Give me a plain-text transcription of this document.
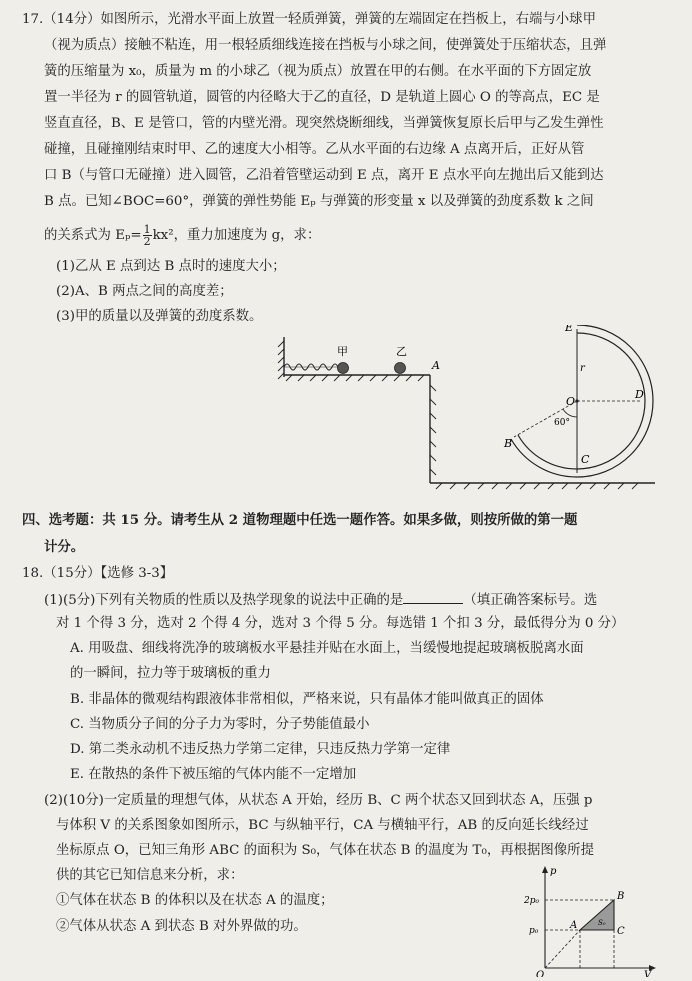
17.（14分）如图所示，光滑水平面上放置一轻质弹簧，弹簧的左端固定在挡板上，右端与小球甲
（视为质点）接触不粘连，用一根轻质细线连接在挡板与小球之间，使弹簧处于压缩状态，且弹
簧的压缩量为 x₀，质量为 m 的小球乙（视为质点）放置在甲的右侧。在水平面的下方固定放
置一半径为 r 的圆管轨道，圆管的内径略大于乙的直径，D 是轨道上圆心 O 的等高点，EC 是
竖直直径，B、E 是管口，管的内壁光滑。现突然烧断细线，当弹簧恢复原长后甲与乙发生弹性
碰撞，且碰撞刚结束时甲、乙的速度大小相等。乙从水平面的右边缘 A 点离开后，正好从管
口 B（与管口无碰撞）进入圆管，乙沿着管壁运动到 E 点，离开 E 点水平向左抛出后又能到达
B 点。已知∠BOC=60°，弹簧的弹性势能 Eₚ 与弹簧的形变量 x 以及弹簧的劲度系数 k 之间
的关系式为 $E_p= \frac{1}{2} kx^2$，重力加速度为 g，求：
(1)乙从 E 点到达 B 点时的速度大小；
(2)A、B 两点之间的高度差；
(3)甲的质量以及弹簧的劲度系数。
甲	乙
A
E
r
O
D
60°
B
C
四、选考题：共 15 分。请考生从 2 道物理题中任选一题作答。如果多做，则按所做的第一题
计分。
18.（15分）【选修 3-3】
(1)(5分)下列有关物质的性质以及热学现象的说法中正确的是	（填正确答案标号。选
对 1 个得 3 分，选对 2 个得 4 分，选对 3 个得 5 分。每选错 1 个扣 3 分，最低得分为 0 分）
A. 用吸盘、细线将洗净的玻璃板水平悬挂并贴在水面上，当缓慢地提起玻璃板脱离水面
的一瞬间，拉力等于玻璃板的重力
B. 非晶体的微观结构跟液体非常相似，严格来说，只有晶体才能叫做真正的固体
C. 当物质分子间的分子力为零时，分子势能值最小
D. 第二类永动机不违反热力学第二定律，只违反热力学第一定律
E. 在散热的条件下被压缩的气体内能不一定增加
(2)(10分)一定质量的理想气体，从状态 A 开始，经历 B、C 两个状态又回到状态 A，压强 p
与体积 V 的关系图象如图所示，BC 与纵轴平行，CA 与横轴平行，AB 的反向延长线经过
坐标原点 O，已知三角形 ABC 的面积为 S₀，气体在状态 B 的温度为 T₀，再根据图像所提
供的其它已知信息来分析，求：
①气体在状态 B 的体积以及在状态 A 的温度；
②气体从状态 A 到状态 B 对外界做的功。
p
V
O
2p₀
p₀	A
B
C
S₀
